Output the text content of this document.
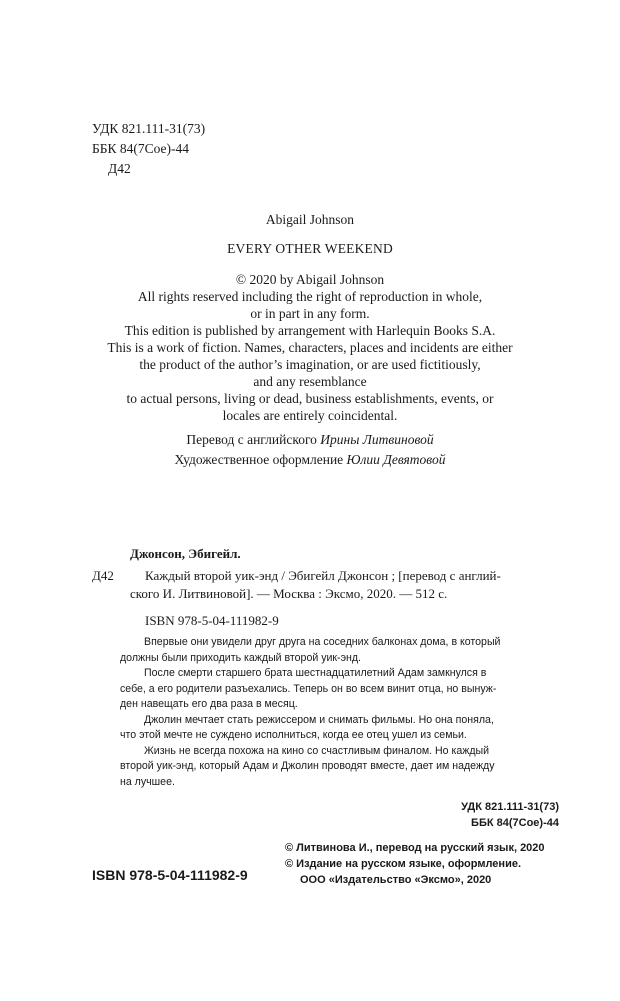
УДК 821.111-31(73)
ББК 84(7Сое)-44
Д42
Abigail Johnson
EVERY OTHER WEEKEND

© 2020 by Abigail Johnson

All rights reserved including the right of reproduction in whole,

or in part in any form.

This edition is published by arrangement with Harlequin Books S.A.

This is a work of fiction. Names, characters, places and incidents are either

the product of the author’s imagination, or are used fictitiously,

and any resemblance

to actual persons, living or dead, business establishments, events, or

locales are entirely coincidental.

Перевод с английского Ирины Литвиновой
Художественное оформление Юлии Девятовой
Джонсон, Эбигейл.
Д42 Каждый второй уик-энд / Эбигейл Джонсон ; [перевод с англий-
ского И. Литвиновой]. — Москва : Эксмо, 2020. — 512 с.
ISBN 978-5-04-111982-9

Впервые они увидели друг друга на соседних балконах дома, в который

должны были приходить каждый второй уик-энд.

После смерти старшего брата шестнадцатилетний Адам замкнулся в

себе, а его родители разъехались. Теперь он во всем винит отца, но вынуж-

ден навещать его два раза в месяц.

Джолин мечтает стать режиссером и снимать фильмы. Но она поняла,

что этой мечте не суждено исполниться, когда ее отец ушел из семьи.

Жизнь не всегда похожа на кино со счастливым финалом. Но каждый

второй уик-энд, который Адам и Джолин проводят вместе, дает им надежду

на лучшее.

УДК 821.111-31(73)
ББК 84(7Сое)-44
© Литвинова И., перевод на русский язык, 2020
© Издание на русском языке, оформление.
ООО «Издательство «Эксмо», 2020
ISBN 978-5-04-111982-9
